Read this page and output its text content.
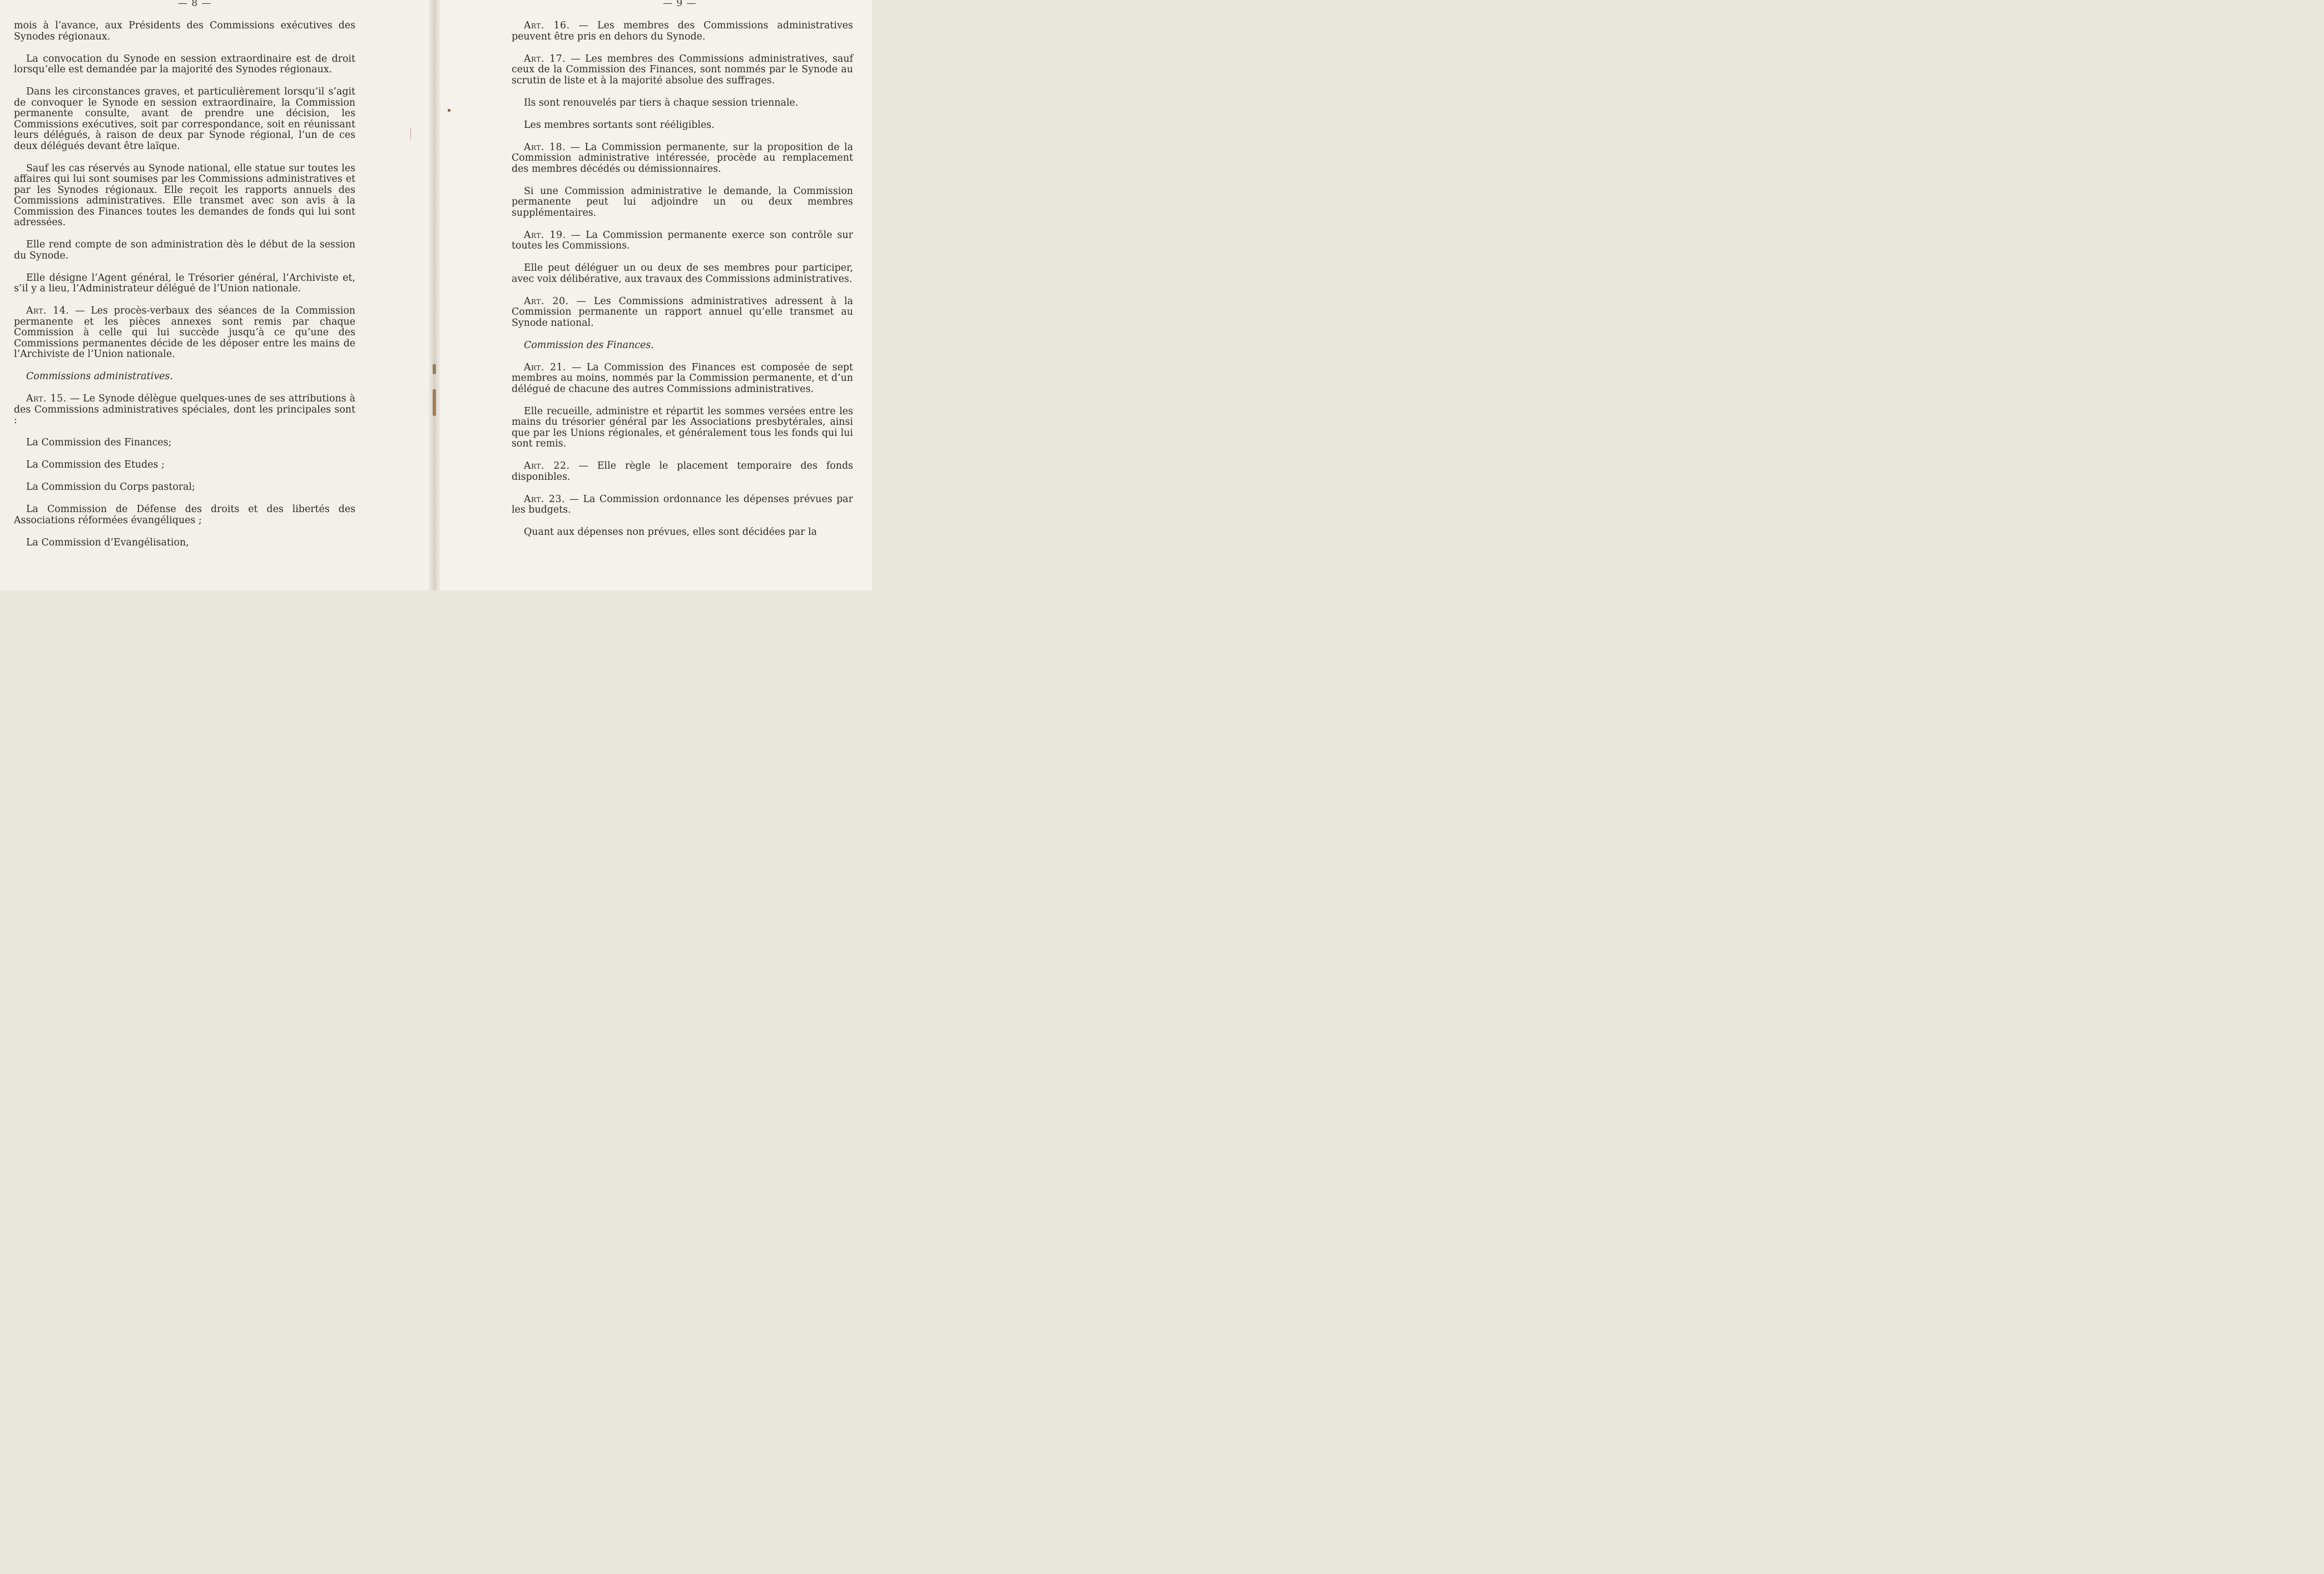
— 8 —

mois à l’avance, aux Présidents des Commissions exécutives des Synodes régionaux.

La convocation du Synode en session extraordinaire est de droit lorsqu’elle est demandée par la majorité des Synodes régionaux.

Dans les circonstances graves, et particulièrement lorsqu’il s’agit de convoquer le Synode en session extraordinaire, la Commission permanente consulte, avant de prendre une décision, les Commissions exécutives, soit par correspondance, soit en réunissant leurs délégués, à raison de deux par Synode régional, l’un de ces deux délégués devant être laïque.

Sauf les cas réservés au Synode national, elle statue sur toutes les affaires qui lui sont soumises par les Commissions administratives et par les Synodes régionaux. Elle reçoit les rapports annuels des Commissions administratives. Elle transmet avec son avis à la Commission des Finances toutes les demandes de fonds qui lui sont adressées.

Elle rend compte de son administration dès le début de la session du Synode.

Elle désigne l’Agent général, le Trésorier général, l’Archiviste et, s’il y a lieu, l’Administrateur délégué de l’Union nationale.

Art. 14. — Les procès-verbaux des séances de la Commission permanente et les pièces annexes sont remis par chaque Commission à celle qui lui succède jusqu’à ce qu’une des Commissions permanentes décide de les déposer entre les mains de l’Archiviste de l’Union nationale.

Commissions administratives.

Art. 15. — Le Synode délègue quelques-unes de ses attributions à des Commissions administratives spéciales, dont les principales sont :

La Commission des Finances;

La Commission des Etudes ;

La Commission du Corps pastoral;

La Commission de Défense des droits et des libertés des Associations réformées évangéliques ;

La Commission d’Evangélisation,

— 9 —

Art. 16. — Les membres des Commissions administratives peuvent être pris en dehors du Synode.

Art. 17. — Les membres des Commissions administratives, sauf ceux de la Commission des Finances, sont nommés par le Synode au scrutin de liste et à la majorité absolue des suffrages.

Ils sont renouvelés par tiers à chaque session triennale.

Les membres sortants sont rééligibles.

Art. 18. — La Commission permanente, sur la proposition de la Commission administrative intéressée, procède au remplacement des membres décédés ou démissionnaires.

Si une Commission administrative le demande, la Commission permanente peut lui adjoindre un ou deux membres supplémentaires.

Art. 19. — La Commission permanente exerce son contrôle sur toutes les Commissions.

Elle peut déléguer un ou deux de ses membres pour participer, avec voix délibérative, aux travaux des Commissions administratives.

Art. 20. — Les Commissions administratives adressent à la Commission permanente un rapport annuel qu’elle transmet au Synode national.

Commission des Finances.

Art. 21. — La Commission des Finances est composée de sept membres au moins, nommés par la Commission permanente, et d’un délégué de chacune des autres Commissions administratives.

Elle recueille, administre et répartit les sommes versées entre les mains du trésorier général par les Associations presbytérales, ainsi que par les Unions régionales, et généralement tous les fonds qui lui sont remis.

Art. 22. — Elle règle le placement temporaire des fonds disponibles.

Art. 23. — La Commission ordonnance les dépenses prévues par les budgets.

Quant aux dépenses non prévues, elles sont décidées par la
